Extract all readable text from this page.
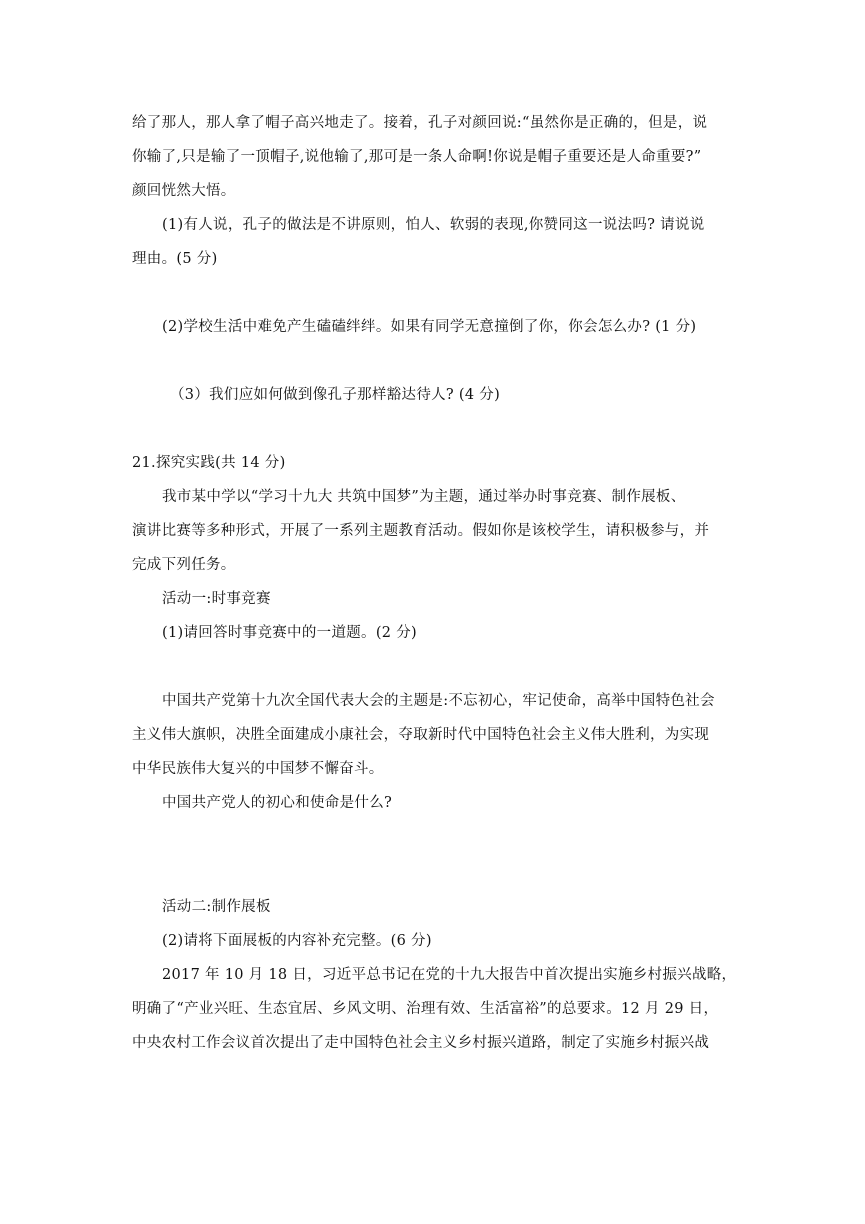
给了那人，那人拿了帽子高兴地走了。接着，孔子对颜回说:“虽然你是正确的，但是，说
你输了,只是输了一顶帽子,说他输了,那可是一条人命啊!你说是帽子重要还是人命重要?”
颜回恍然大悟。
(1)有人说，孔子的做法是不讲原则，怕人、软弱的表现,你赞同这一说法吗? 请说说
理由。(5 分)
(2)学校生活中难免产生磕磕绊绊。如果有同学无意撞倒了你，你会怎么办? (1 分)
（3）我们应如何做到像孔子那样豁达待人? (4 分)
21.探究实践(共 14 分)
我市某中学以“学习十九大 共筑中国梦”为主题，通过举办时事竞赛、制作展板、
演讲比赛等多种形式，开展了一系列主题教育活动。假如你是该校学生，请积极参与，并
完成下列任务。
活动一:时事竞赛
(1)请回答时事竞赛中的一道题。(2 分)
中国共产党第十九次全国代表大会的主题是:不忘初心，牢记使命，高举中国特色社会
主义伟大旗帜，决胜全面建成小康社会，夺取新时代中国特色社会主义伟大胜利，为实现
中华民族伟大复兴的中国梦不懈奋斗。
中国共产党人的初心和使命是什么?
活动二:制作展板
(2)请将下面展板的内容补充完整。(6 分)
2017 年 10 月 18 日，习近平总书记在党的十九大报告中首次提出实施乡村振兴战略，
明确了“产业兴旺、生态宜居、乡风文明、治理有效、生活富裕”的总要求。12 月 29 日，
中央农村工作会议首次提出了走中国特色社会主义乡村振兴道路，制定了实施乡村振兴战
